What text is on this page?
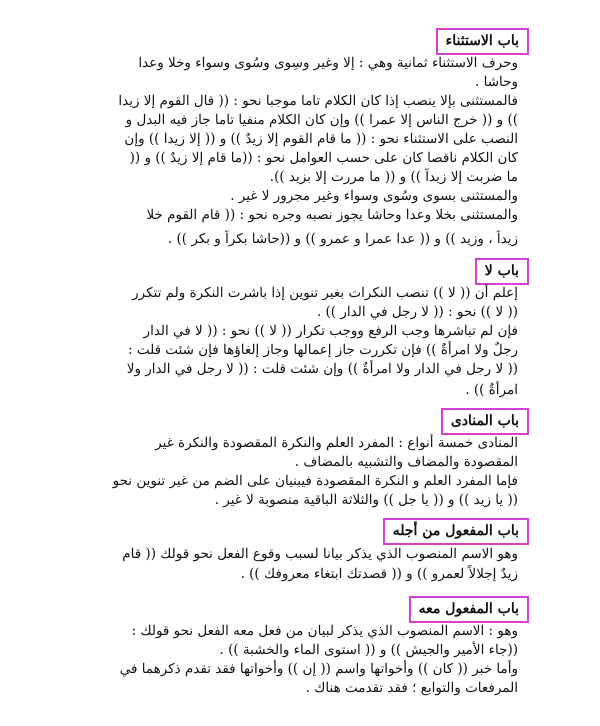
باب الاستثناء
وحرف الاستثناء ثمانية وهي : إلا وغير وسِوى وسُوى وسواء وخلا وعدا
وحاشا .
فالمستثنى بإلا ينصب إذا كان الكلام تاما موجبا نحو : (( قال القوم إلا زيدا
)) و (( خرج الناس إلا عمرا )) وإن كان الكلام منفيا تاما جاز فيه البدل و
النصب على الاستثناء نحو : (( ما قام القوم إلا زيدٌ )) و (( إلا زيدا )) وإن
كان الكلام ناقصا كان على حسب العوامل نحو : ((ما قام إلا زيدٌ )) و ((
ما ضربت إلا زيداً )) و (( ما مررت إلا بزيد )).
والمستثنى بسوى وسُوى وسواء وغير مجرور لا غير .
والمستثنى بخلا وعدا وحاشا يجوز نصبه وجره نحو : (( قام القوم خلا
زيداً ، وزيد )) و (( عدا عمرا و عمرو )) و ((حاشا بكراً و بكر )) .
باب لا
إعلم أن (( لا )) تنصب النكرات بغير تنوين إذا باشرت النكرة ولم تتكرر
(( لا )) نحو : (( لا رجل في الدار )) .
فإن لم تباشرها وجب الرفع ووجب تكرار (( لا )) نحو : (( لا في الدار
رجلٌ ولا امرأةٌ )) فإن تكررت جاز إعمالها وجاز إلغاؤها فإن شئت قلت :
(( لا رجل في الدار ولا امرأةٌ )) وإن شئت قلت : (( لا رجل في الدار ولا
امرأةٌ )) .
باب المنادى
المنادى خمسة أنواع : المفرد العلم والنكرة المقصودة والنكرة غير
المقصودة والمضاف والتشبيه بالمضاف .
فإما المفرد العلم و النكرة المقصودة فيبنيان على الضم من غير تنوين نحو
(( يا زيد )) و (( يا جل )) والثلاثة الباقية منصوبة لا غير .
باب المفعول من أجله
وهو الاسم المنصوب الذي يذكر بيانا لسبب وقوع الفعل نحو قولك (( قام
زيدٌ إجلالاً لعمرو )) و (( قصدتك ابتغاء معروفك )) .
باب المفعول معه
وهو : الاسم المنصوب الذي يذكر لبيان من فعل معه الفعل نحو قولك :
((جاء الأمير والجيش )) و (( استوى الماء والخشبة )) .
وأما خبر (( كان )) وأخواتها واسم (( إن )) وأخواتها فقد تقدم ذكرهما في
المرفعات والتوابع ؛ فقد تقدمت هناك .
